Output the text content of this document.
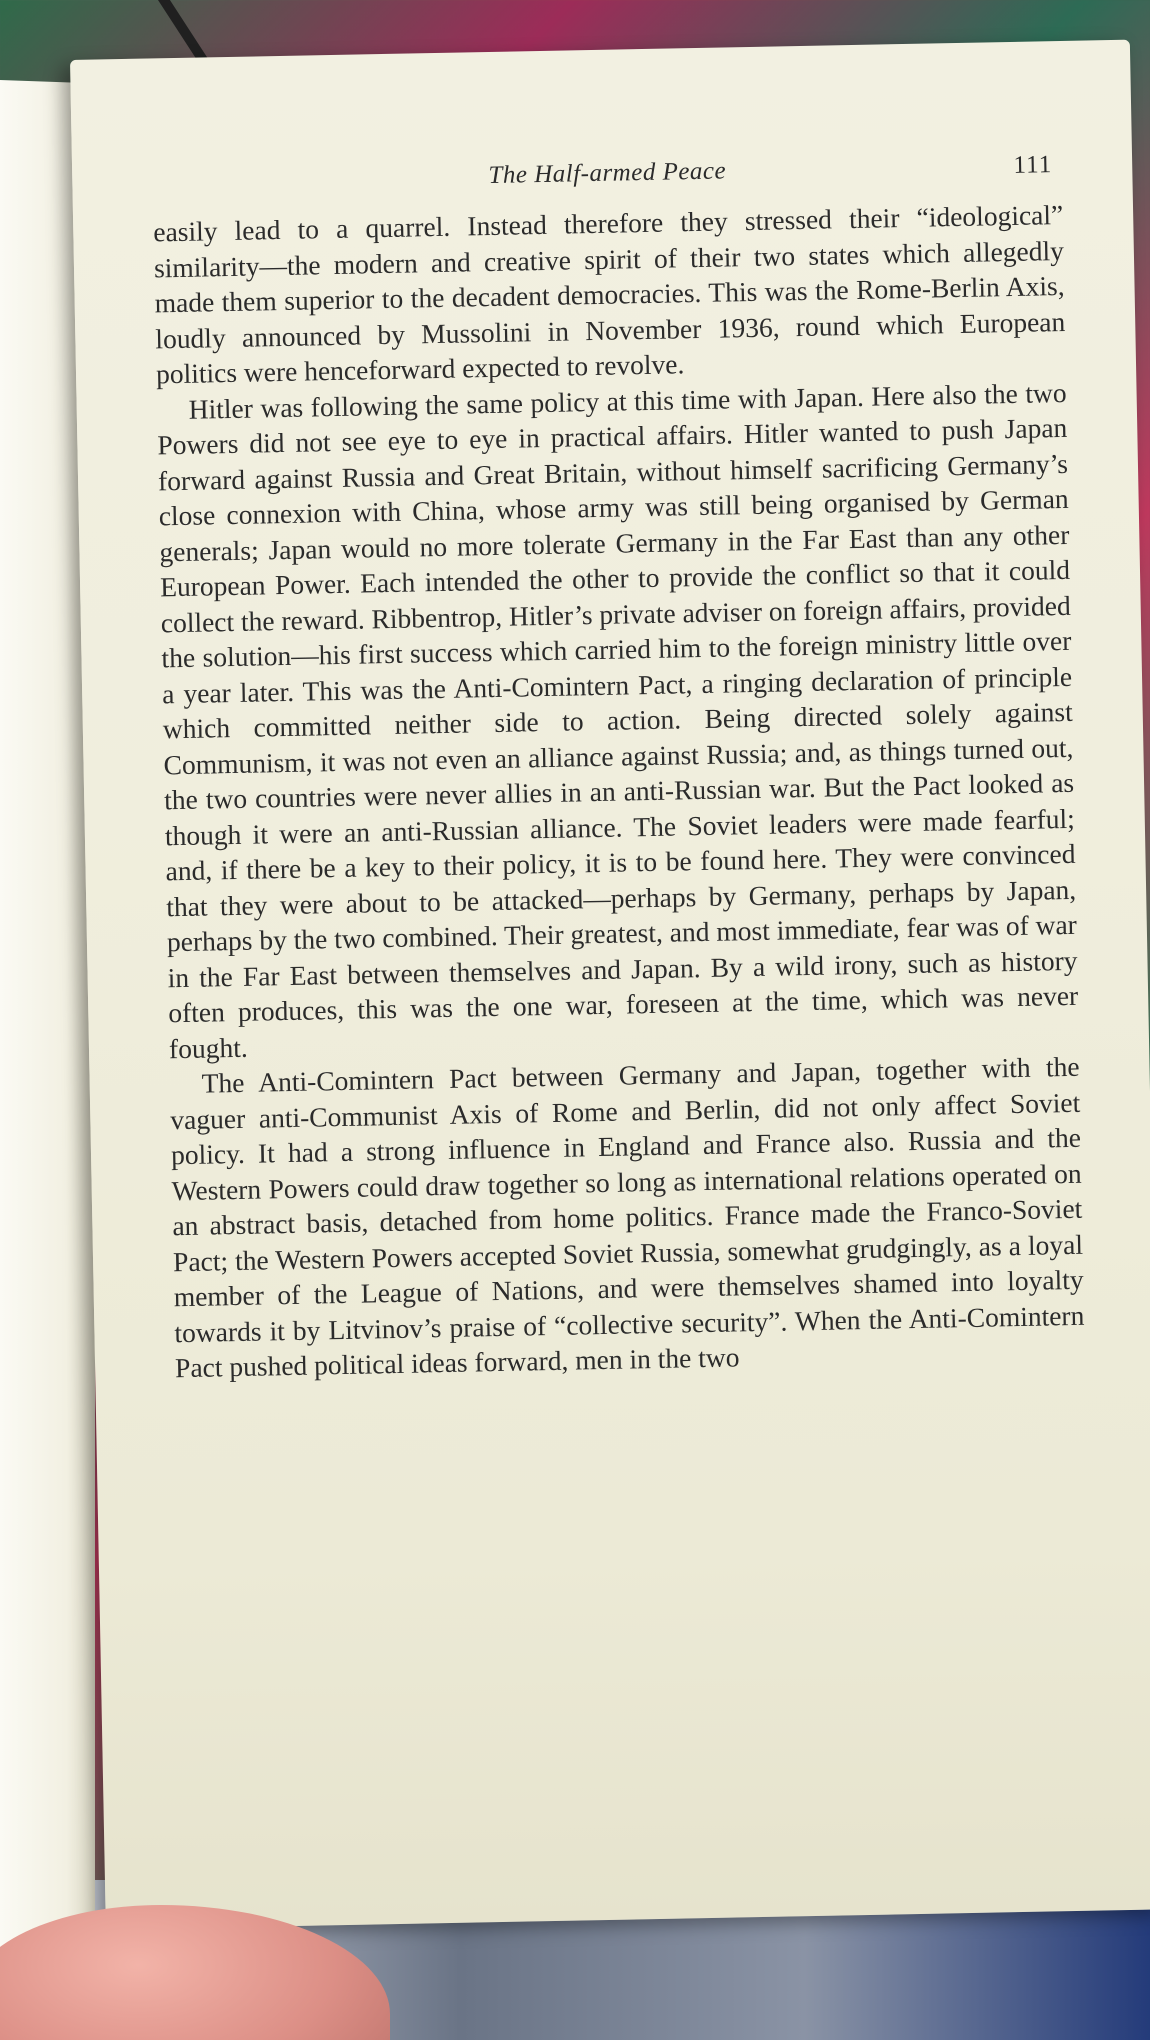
The Half-armed Peace	111

easily lead to a quarrel. Instead therefore they stressed their “ideological” similarity—the modern and creative spirit of their two states which allegedly made them superior to the decadent democracies. This was the Rome-Berlin Axis, loudly announced by Mussolini in November 1936, round which European politics were henceforward expected to revolve.

Hitler was following the same policy at this time with Japan. Here also the two Powers did not see eye to eye in practical affairs. Hitler wanted to push Japan forward against Russia and Great Britain, without himself sacrificing Germany’s close connexion with China, whose army was still being organised by German generals; Japan would no more tolerate Germany in the Far East than any other European Power. Each intended the other to provide the conflict so that it could collect the reward. Ribbentrop, Hitler’s private adviser on foreign affairs, provided the solution—his first success which carried him to the foreign ministry little over a year later. This was the Anti-Comintern Pact, a ringing declaration of principle which committed neither side to action. Being directed solely against Communism, it was not even an alliance against Russia; and, as things turned out, the two countries were never allies in an anti-Russian war. But the Pact looked as though it were an anti-Russian alliance. The Soviet leaders were made fearful; and, if there be a key to their policy, it is to be found here. They were convinced that they were about to be attacked—perhaps by Germany, perhaps by Japan, perhaps by the two combined. Their greatest, and most immediate, fear was of war in the Far East between themselves and Japan. By a wild irony, such as history often produces, this was the one war, foreseen at the time, which was never fought.

The Anti-Comintern Pact between Germany and Japan, together with the vaguer anti-Communist Axis of Rome and Berlin, did not only affect Soviet policy. It had a strong influence in England and France also. Russia and the Western Powers could draw together so long as international relations operated on an abstract basis, detached from home politics. France made the Franco-Soviet Pact; the Western Powers accepted Soviet Russia, somewhat grudgingly, as a loyal member of the League of Nations, and were themselves shamed into loyalty towards it by Litvinov’s praise of “collective security”. When the Anti-Comintern Pact pushed political ideas forward, men in the two
